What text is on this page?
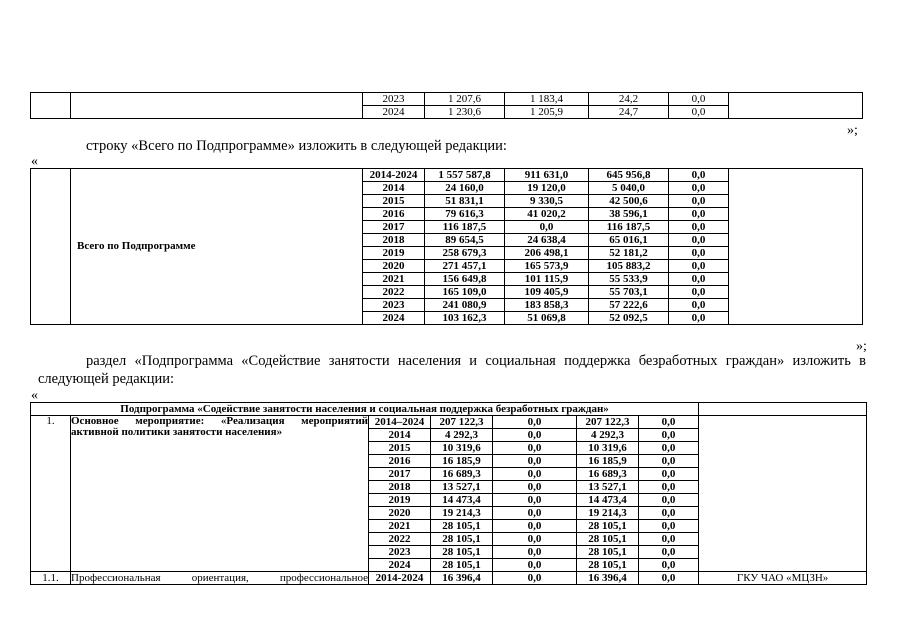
		2023	1 207,6	1 183,4	24,2	0,0	
		2024	1 230,6	1 205,9	24,7	0,0	
»;
строку «Всего по Подпрограмме» изложить в следующей редакции:
«
	Всего по Подпрограмме	2014-2024	1 557 587,8	911 631,0	645 956,8	0,0	
		2014	24 160,0	19 120,0	5 040,0	0,0	
		2015	51 831,1	9 330,5	42 500,6	0,0	
		2016	79 616,3	41 020,2	38 596,1	0,0	
		2017	116 187,5	0,0	116 187,5	0,0	
		2018	89 654,5	24 638,4	65 016,1	0,0	
		2019	258 679,3	206 498,1	52 181,2	0,0	
		2020	271 457,1	165 573,9	105 883,2	0,0	
		2021	156 649,8	101 115,9	55 533,9	0,0	
		2022	165 109,0	109 405,9	55 703,1	0,0	
		2023	241 080,9	183 858,3	57 222,6	0,0	
		2024	103 162,3	51 069,8	52 092,5	0,0	
»;
раздел «Подпрограмма «Содействие занятости населения и социальная поддержка безработных граждан» изложить в
следующей редакции:
«
Подпрограмма «Содействие занятости населения и социальная поддержка безработных граждан»							
1.	Основное мероприятие: «Реализация мероприятий
активной политики занятости населения»	2014–2024	207 122,3	0,0	207 122,3	0,0	
		2014	4 292,3	0,0	4 292,3	0,0	
		2015	10 319,6	0,0	10 319,6	0,0	
		2016	16 185,9	0,0	16 185,9	0,0	
		2017	16 689,3	0,0	16 689,3	0,0	
		2018	13 527,1	0,0	13 527,1	0,0	
		2019	14 473,4	0,0	14 473,4	0,0	
		2020	19 214,3	0,0	19 214,3	0,0	
		2021	28 105,1	0,0	28 105,1	0,0	
		2022	28 105,1	0,0	28 105,1	0,0	
		2023	28 105,1	0,0	28 105,1	0,0	
		2024	28 105,1	0,0	28 105,1	0,0	
1.1.	Профессиональная ориентация, профессиональное	2014-2024	16 396,4	0,0	16 396,4	0,0	ГКУ ЧАО «МЦЗН»
